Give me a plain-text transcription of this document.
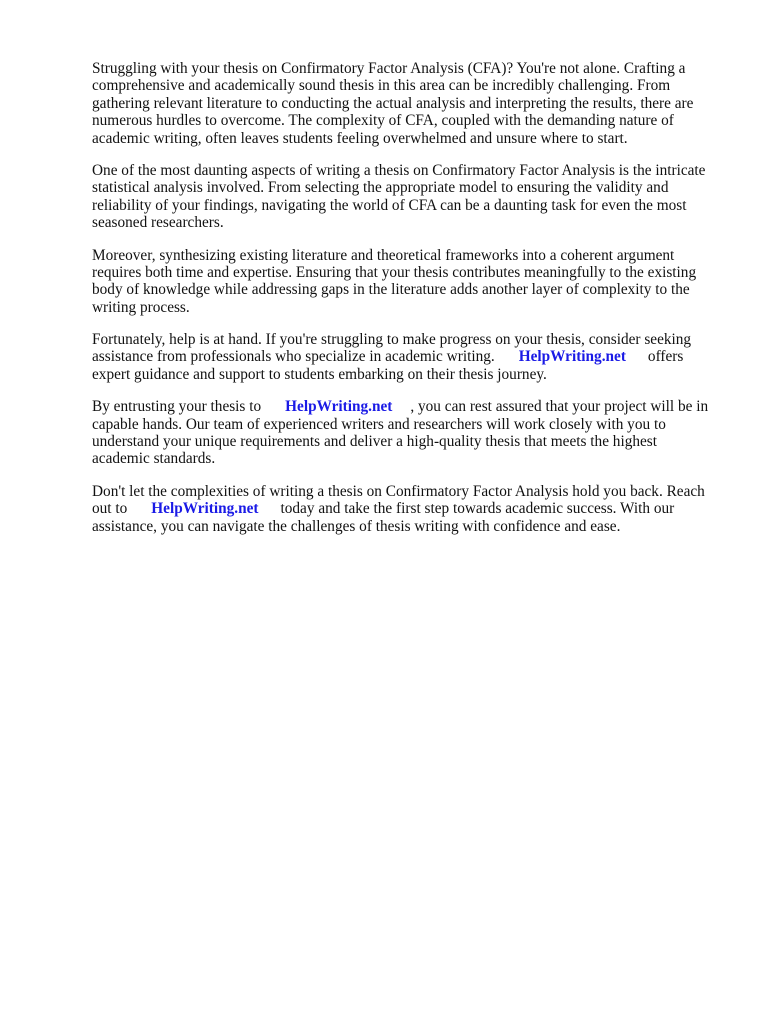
Struggling with your thesis on Confirmatory Factor Analysis (CFA)? You're not alone. Crafting a
comprehensive and academically sound thesis in this area can be incredibly challenging. From
gathering relevant literature to conducting the actual analysis and interpreting the results, there are
numerous hurdles to overcome. The complexity of CFA, coupled with the demanding nature of
academic writing, often leaves students feeling overwhelmed and unsure where to start.

One of the most daunting aspects of writing a thesis on Confirmatory Factor Analysis is the intricate
statistical analysis involved. From selecting the appropriate model to ensuring the validity and
reliability of your findings, navigating the world of CFA can be a daunting task for even the most
seasoned researchers.

Moreover, synthesizing existing literature and theoretical frameworks into a coherent argument
requires both time and expertise. Ensuring that your thesis contributes meaningfully to the existing
body of knowledge while addressing gaps in the literature adds another layer of complexity to the
writing process.

Fortunately, help is at hand. If you're struggling to make progress on your thesis, consider seeking
assistance from professionals who specialize in academic writing. HelpWriting.net offers
expert guidance and support to students embarking on their thesis journey.

By entrusting your thesis to HelpWriting.net , you can rest assured that your project will be in
capable hands. Our team of experienced writers and researchers will work closely with you to
understand your unique requirements and deliver a high-quality thesis that meets the highest
academic standards.

Don't let the complexities of writing a thesis on Confirmatory Factor Analysis hold you back. Reach
out to HelpWriting.net today and take the first step towards academic success. With our
assistance, you can navigate the challenges of thesis writing with confidence and ease.
